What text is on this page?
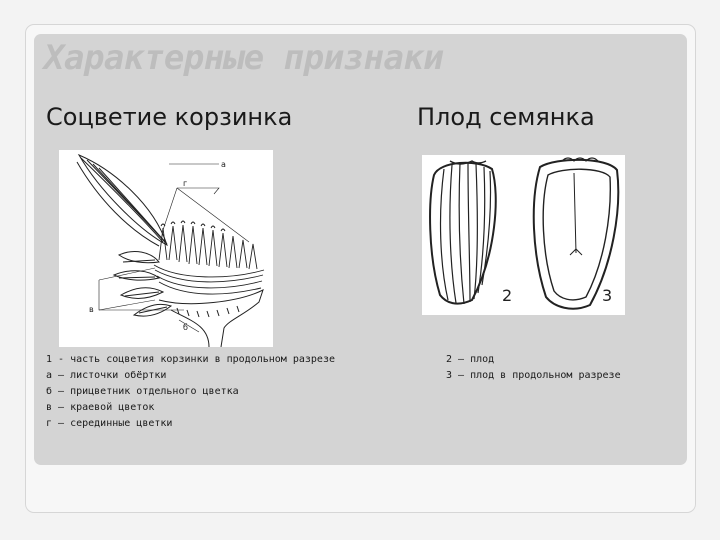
Характерные признаки
Соцветие корзинка	Плод семянка
а
г
в
б
2	3
1 - часть соцветия корзинки в продольном разрезе
а – листочки обёртки
б – прицветник отдельного цветка
в – краевой цветок
г – серединные цветки
2 – плод
3 – плод в продольном разрезе
